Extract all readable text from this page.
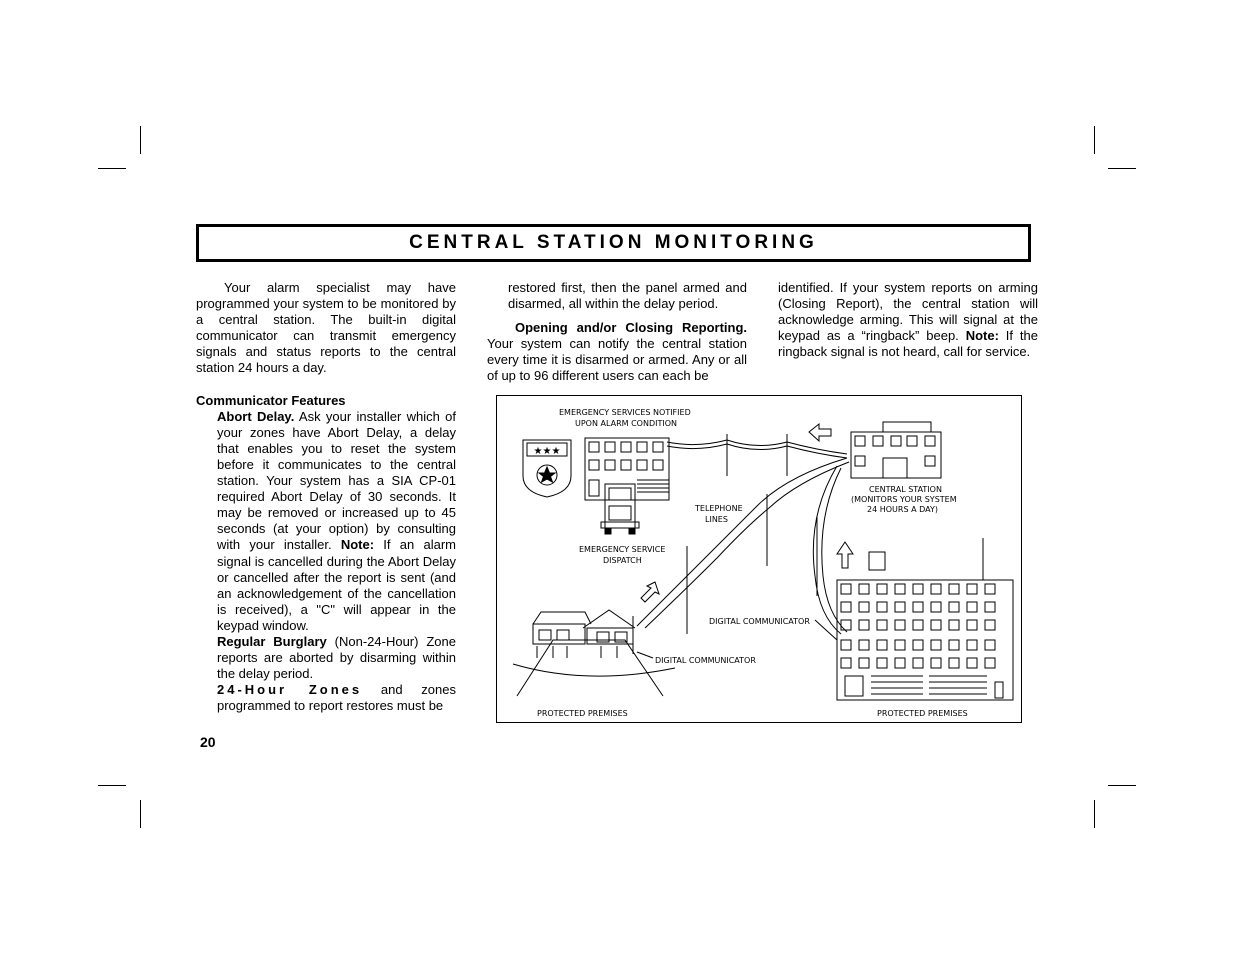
CENTRAL STATION MONITORING

Your alarm specialist may have programmed your system to be monitored by a central station. The built-in digital communicator can transmit emergency signals and status reports to the central station 24 hours a day.

Communicator Features

Abort Delay. Ask your installer which of your zones have Abort Delay, a delay that enables you to reset the system before it communicates to the central station. Your system has a SIA CP-01 required Abort Delay of 30 seconds. It may be removed or increased up to 45 seconds (at your option) by consulting with your installer. Note: If an alarm signal is cancelled during the Abort Delay or cancelled after the report is sent (and an acknowledgement of the cancellation is received), a "C" will appear in the keypad window.

Regular Burglary (Non-24-Hour) Zone reports are aborted by disarming within the delay period.

24-Hour Zones and zones programmed to report restores must be

restored first, then the panel armed and disarmed, all within the delay period.

Opening and/or Closing Reporting. Your system can notify the central station every time it is disarmed or armed. Any or all of up to 96 different users can each be

identified. If your system reports on arming (Closing Report), the central station will acknowledge arming. This will signal at the keypad as a “ringback” beep. Note: If the ringback signal is not heard, call for service.

20
★★★
EMERGENCY SERVICES NOTIFIED
UPON ALARM CONDITION
TELEPHONE
LINES
EMERGENCY SERVICE
DISPATCH
CENTRAL STATION
(MONITORS YOUR SYSTEM
24 HOURS A DAY)
DIGITAL COMMUNICATOR
DIGITAL COMMUNICATOR
PROTECTED PREMISES	PROTECTED PREMISES
